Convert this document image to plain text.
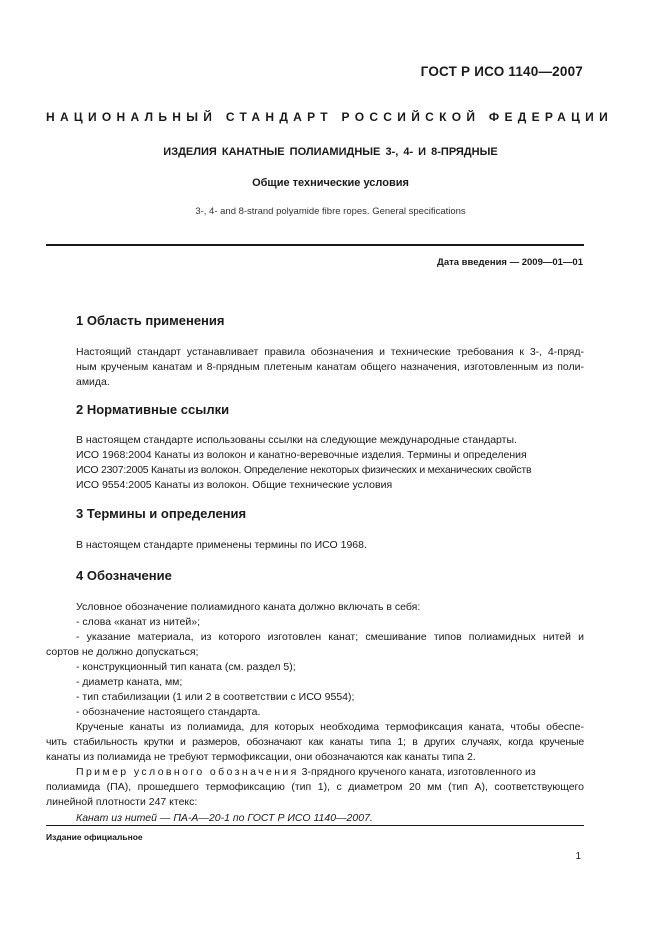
ГОСТ Р ИСО 1140—2007
НАЦИОНАЛЬНЫЙ СТАНДАРТ РОССИЙСКОЙ ФЕДЕРАЦИИ
ИЗДЕЛИЯ КАНАТНЫЕ ПОЛИАМИДНЫЕ 3-, 4- И 8-ПРЯДНЫЕ
Общие технические условия
3-, 4- and 8-strand polyamide fibre ropes. General specifications
Дата введения — 2009—01—01
1 Область применения
Настоящий стандарт устанавливает правила обозначения и технические требования к 3-, 4-пряд-
ным крученым канатам и 8-прядным плетеным канатам общего назначения, изготовленным из поли-
амида.
2 Нормативные ссылки
В настоящем стандарте использованы ссылки на следующие международные стандарты.
ИСО 1968:2004 Канаты из волокон и канатно-веревочные изделия. Термины и определения
ИСО 2307:2005 Канаты из волокон. Определение некоторых физических и механических свойств
ИСО 9554:2005 Канаты из волокон. Общие технические условия
3 Термины и определения
В настоящем стандарте применены термины по ИСО 1968.
4 Обозначение
Условное обозначение полиамидного каната должно включать в себя:
- слова «канат из нитей»;
- указание материала, из которого изготовлен канат; смешивание типов полиамидных нитей и
сортов не должно допускаться;
- конструкционный тип каната (см. раздел 5);
- диаметр каната, мм;
- тип стабилизации (1 или 2 в соответствии с ИСО 9554);
- обозначение настоящего стандарта.
Крученые канаты из полиамида, для которых необходима термофиксация каната, чтобы обеспе-
чить стабильность крутки и размеров, обозначают как канаты типа 1; в других случаях, когда крученые
канаты из полиамида не требуют термофиксации, они обозначаются как канаты типа 2.
Пример условного обозначения 3-прядного крученого каната, изготовленного из
полиамида (ПА), прошедшего термофиксацию (тип 1), с диаметром 20 мм (тип А), соответствующего
линейной плотности 247 ктекс:
Канат из нитей — ПА-А—20-1 по ГОСТ Р ИСО 1140—2007.
Издание официальное
1
